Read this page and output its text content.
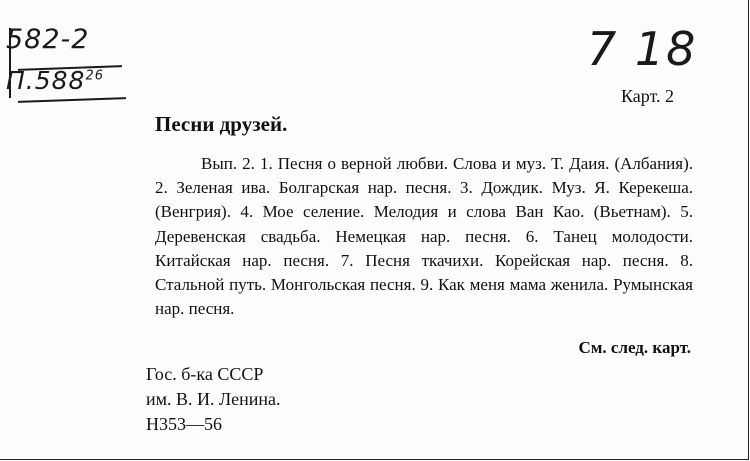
582-2
П.588$^{26}$
7 18
Карт. 2
Песни друзей.

Вып. 2. 1. Песня о верной любви. Слова и муз. Т. Даия. (Албания). 2. Зеленая ива. Болгарская нар. песня. 3. Дождик. Муз. Я. Керекеша. (Венгрия). 4. Мое селение. Мелодия и слова Ван Као. (Вьетнам). 5. Деревенская свадьба. Немецкая нар. песня. 6. Танец молодости. Китайская нар. песня. 7. Песня ткачихи. Корейская нар. песня. 8. Стальной путь. Монгольская песня. 9. Как меня мама женила. Румынская нар. песня.

См. след. карт.
Гос. б-ка СССР
им. В. И. Ленина.
Н353—56
